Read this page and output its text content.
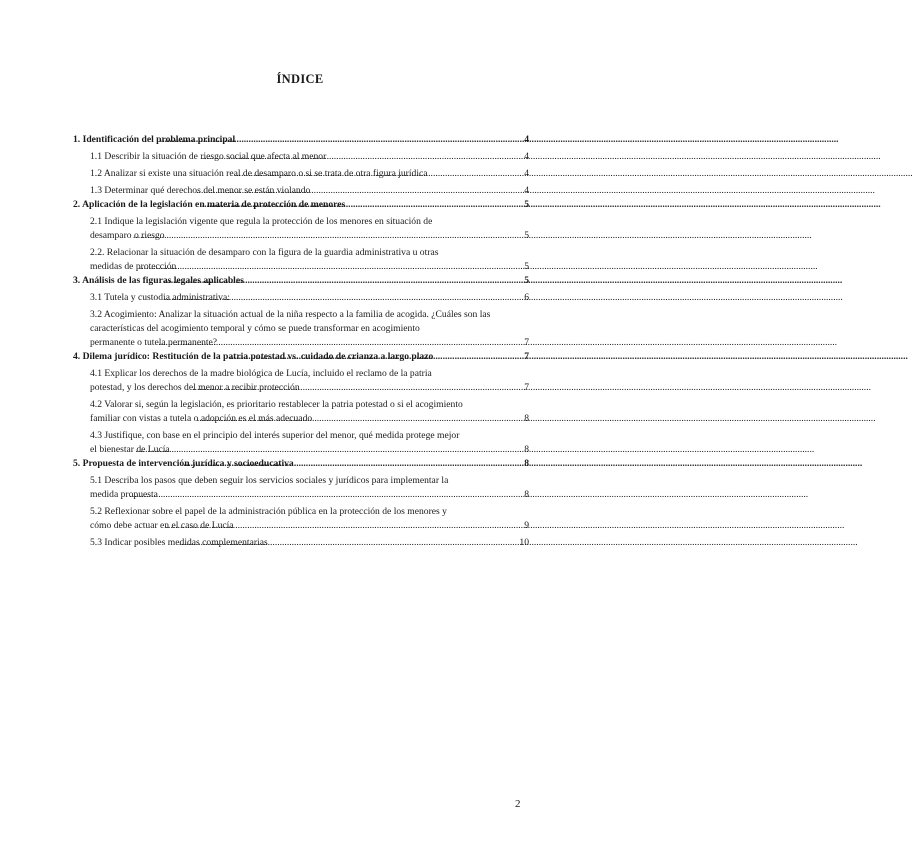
ÍNDICE
1. Identificación del problema principal .....	4
1.1 Describir la situación de riesgo social que afecta al menor .....	4
1.2 Analizar si existe una situación real de desamparo o si se trata de otra figura jurídica .....	4
1.3 Determinar qué derechos del menor se están violando .....	4
2. Aplicación de la legislación en materia de protección de menores .....	5
2.1 Indique la legislación vigente que regula la protección de los menores en situación de
desamparo o riesgo .....	5
2.2. Relacionar la situación de desamparo con la figura de la guardia administrativa u otras
medidas de protección .....	5
3. Análisis de las figuras legales aplicables .....	5
3.1 Tutela y custodia administrativa: .....	6
3.2 Acogimiento: Analizar la situación actual de la niña respecto a la familia de acogida. ¿Cuáles son las características del acogimiento temporal y cómo se puede transformar en acogimiento
permanente o tutela permanente? .....	7
4. Dilema jurídico: Restitución de la patria potestad vs. cuidado de crianza a largo plazo .....	7
4.1 Explicar los derechos de la madre biológica de Lucía, incluido el reclamo de la patria
potestad, y los derechos del menor a recibir protección .....	7
4.2 Valorar si, según la legislación, es prioritario restablecer la patria potestad o si el acogimiento
familiar con vistas a tutela o adopción es el más adecuado .....	8
4.3 Justifique, con base en el principio del interés superior del menor, qué medida protege mejor
el bienestar de Lucía .....	8
5. Propuesta de intervención jurídica y socioeducativa .....	8
5.1 Describa los pasos que deben seguir los servicios sociales y jurídicos para implementar la
medida propuesta .....	8
5.2 Reflexionar sobre el papel de la administración pública en la protección de los menores y
cómo debe actuar en el caso de Lucía .....	9
5.3 Indicar posibles medidas complementarias .....	10
2
